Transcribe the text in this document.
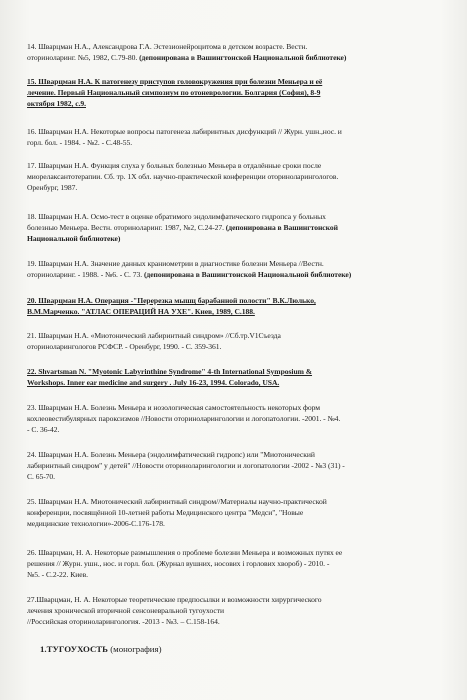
14. Шварцман Н.А., Александрова Г.А. Эстезионейроцитома в детском возрасте. Вестн.
оториноларинг. №5, 1982, С.79-80. (депонирована в Вашингтонской Национальной библиотеке)
15. Шварцман Н.А. К патогенезу приступов головокружения при болезни Меньера и её
лечение. Первый Национальный симпозиум по отоневрологии. Болгария (София), 8-9
октября 1982, с.9.
16. Шварцман Н.А. Некоторые вопросы патогенеза лабиринтных дисфункций // Журн. ушн.,нос. и
горл. бол. - 1984. - №2. - С.48-55.
17. Шварцман Н.А. Функция слуха у больных болезнью Меньера в отдалённые сроки после
миорелаксантотерапии. Сб. тр. 1Х обл. научно-практической конференции оториноларингологов.
Оренбург, 1987.
18. Шварцман Н.А. Осмо-тест в оценке обратимого эндолимфатического гидропса у больных
болезнью Меньера. Вестн. оториноларинг. 1987, №2, С.24-27. (депонирована в Вашингтонской
Национальной библиотеке)
19. Шварцман Н.А. Значение данных краниометрии в диагностике болезни Меньера //Вестн.
оториноларинг. - 1988. - №6. - С. 73. (депонирована в Вашингтонской Национальной библиотеке)
20. Шварцман Н.А. Операция -"Перерезка мышц барабанной полости" В.К.Люлько,
В.М.Марченко. "АТЛАС ОПЕРАЦИЙ НА УХЕ". Киев, 1989, С.188.
21. Шварцман Н.А. «Миотонический лабиринтный синдром» //Сб.тр.V1Съезда
оториноларингологов РСФСР. - Оренбург, 1990. - С. 359-361.
22. Shvartsman N. "Myotonic Labyrinthine Syndrome" 4-th International Symposium &
Workshops. Inner ear medicine and surgery . July 16-23, 1994. Colorado, USA.
23. Шварцман Н.А. Болезнь Меньера и нозологическая самостоятельность некоторых форм
кохлеовестибулярных пароксизмов //Новости оториноларингологии и логопатологии. -2001. - №4.
- С. 36-42.
24. Шварцман Н.А. Болезнь Меньера (эндолимфатический гидропс) или "Миотонический
лабиринтный синдром" у детей" //Новости оториноларингологии и логопатологии -2002 - №3 (31) -
С. 65-70.
25. Шварцман Н.А. Миотонический лабиринтный синдром//Материалы научно-практической
конференции, посвящённой 10-летней работы Медицинского центра "Медси", "Новые
медицинские технологии»-2006-С.176-178.
26. Шварцман, Н. А. Некоторые размышления о проблеме болезни Меньера и возможных путях ее
решения // Журн. ушн., нос. и горл. бол. (Журнал вушних, носових і горлових хвороб) - 2010. -
№5. - С.2-22. Киев.
27.Шварцман, Н. А. Некоторые теоретические предпосылки и возможности хирургического
лечения хронической вторичной сенсоневральной тугоухости
//Российская оториноларингология. -2013 - №3. – С.158-164.
1.ТУГОУХОСТЬ (монография)
